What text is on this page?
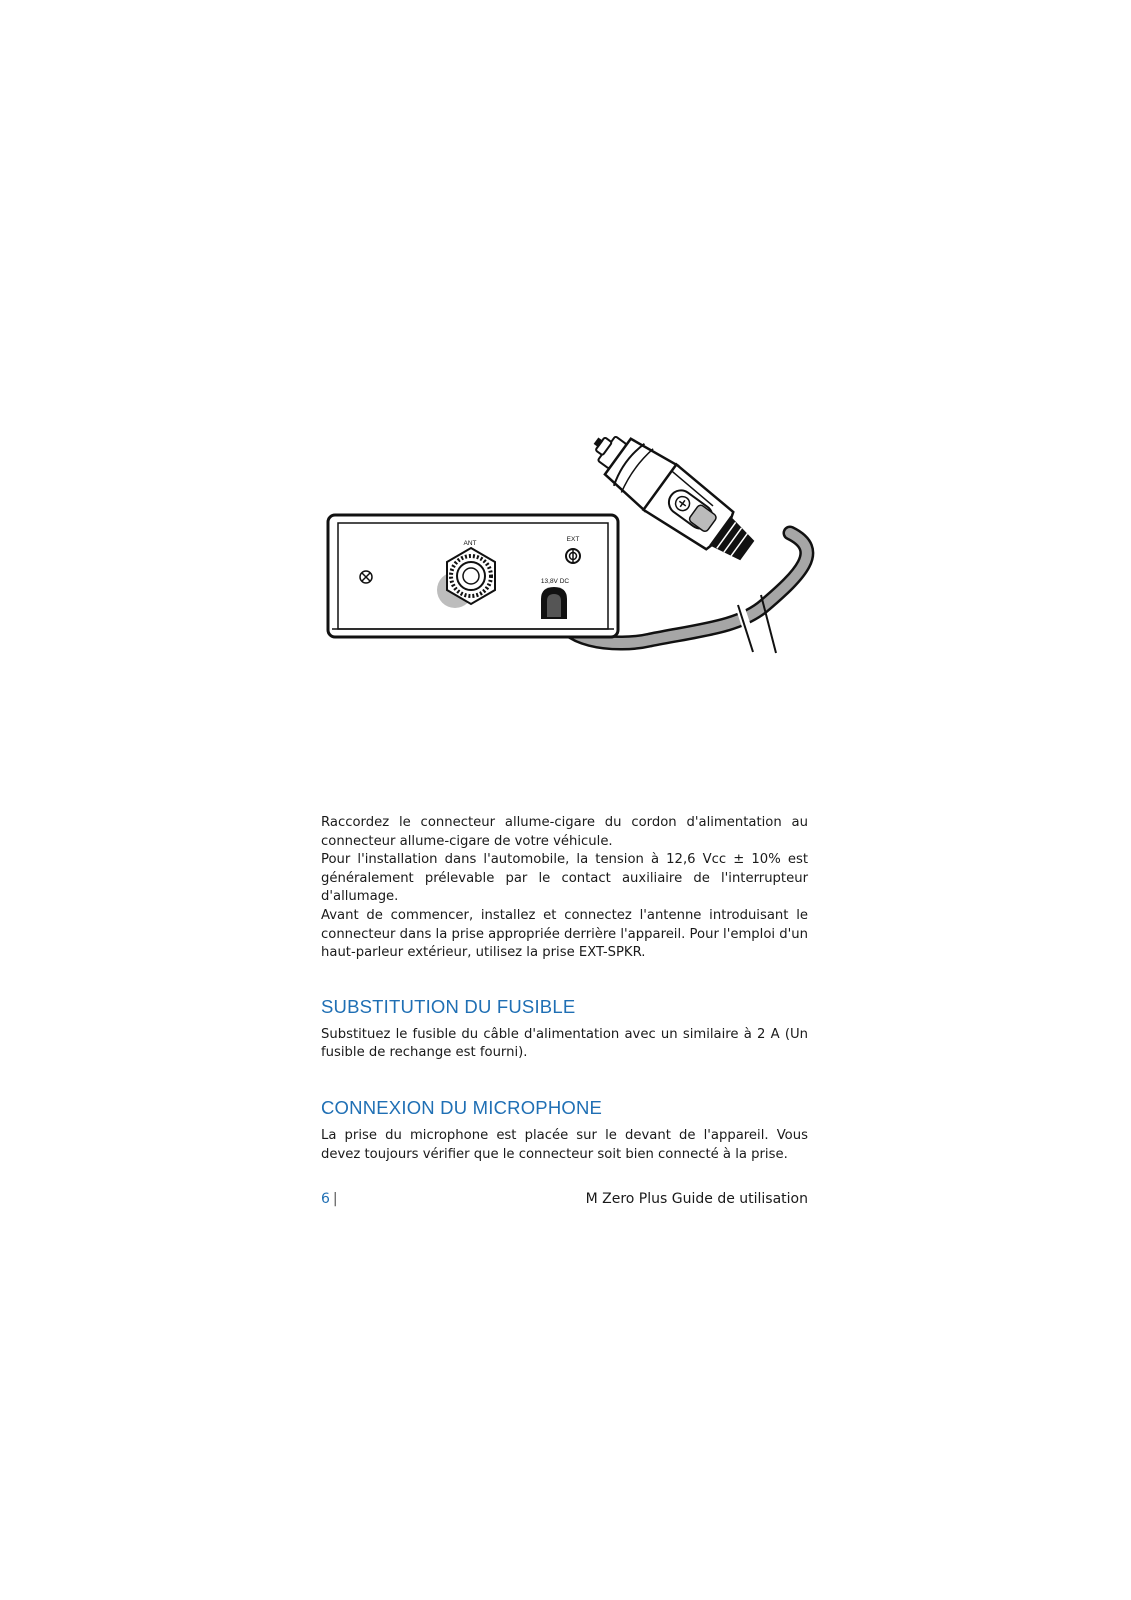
ANT
EXT
13,8V DC

Raccordez le connecteur allume-cigare du cordon d'alimentation au connecteur allume-cigare de votre véhicule.

Pour l'installation dans l'automobile, la tension à 12,6 Vcc ± 10% est généralement prélevable par le contact auxiliaire de l'interrupteur d'allumage.

Avant de commencer, installez et connectez l'antenne introduisant le connecteur dans la prise appropriée derrière l'appareil. Pour l'emploi d'un haut-parleur extérieur, utilisez la prise EXT-SPKR.

SUBSTITUTION DU FUSIBLE

Substituez le fusible du câble d'alimentation avec un similaire à 2 A (Un fusible de rechange est fourni).

CONNEXION DU MICROPHONE

La prise du microphone est placée sur le devant de l'appareil. Vous devez toujours vérifier que le connecteur soit bien connecté à la prise.

6 |	M Zero Plus Guide de utilisation
